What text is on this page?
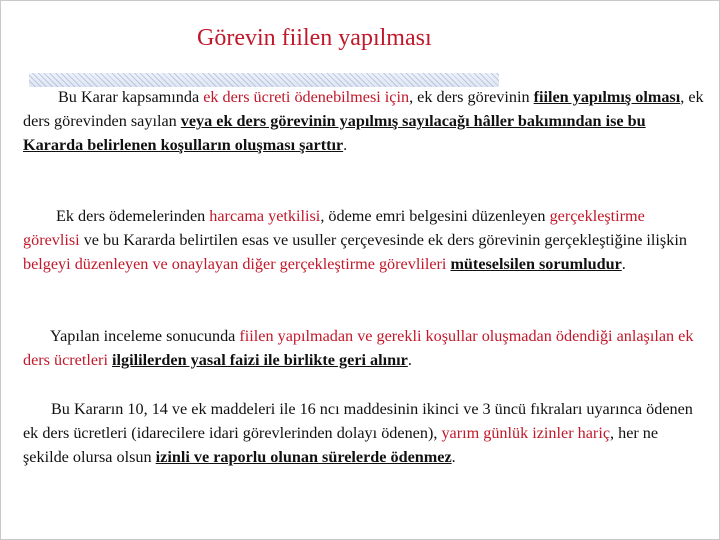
Görevin fiilen yapılması
Bu Karar kapsamında ek ders ücreti ödenebilmesi için, ek ders görevinin fiilen yapılmış olması, ek ders görevinden sayılan veya ek ders görevinin yapılmış sayılacağı hâller bakımından ise bu Kararda belirlenen koşulların oluşması şarttır.
Ek ders ödemelerinden harcama yetkilisi, ödeme emri belgesini düzenleyen gerçekleştirme görevlisi ve bu Kararda belirtilen esas ve usuller çerçevesinde ek ders görevinin gerçekleştiğine ilişkin belgeyi düzenleyen ve onaylayan diğer gerçekleştirme görevlileri müteselsilen sorumludur.
Yapılan inceleme sonucunda fiilen yapılmadan ve gerekli koşullar oluşmadan ödendiği anlaşılan ek ders ücretleri ilgililerden yasal faizi ile birlikte geri alınır.
Bu Kararın 10, 14 ve ek maddeleri ile 16 ncı maddesinin ikinci ve 3 üncü fıkraları uyarınca ödenen ek ders ücretleri (idarecilere idari görevlerinden dolayı ödenen), yarım günlük izinler hariç, her ne şekilde olursa olsun izinli ve raporlu olunan sürelerde ödenmez.
